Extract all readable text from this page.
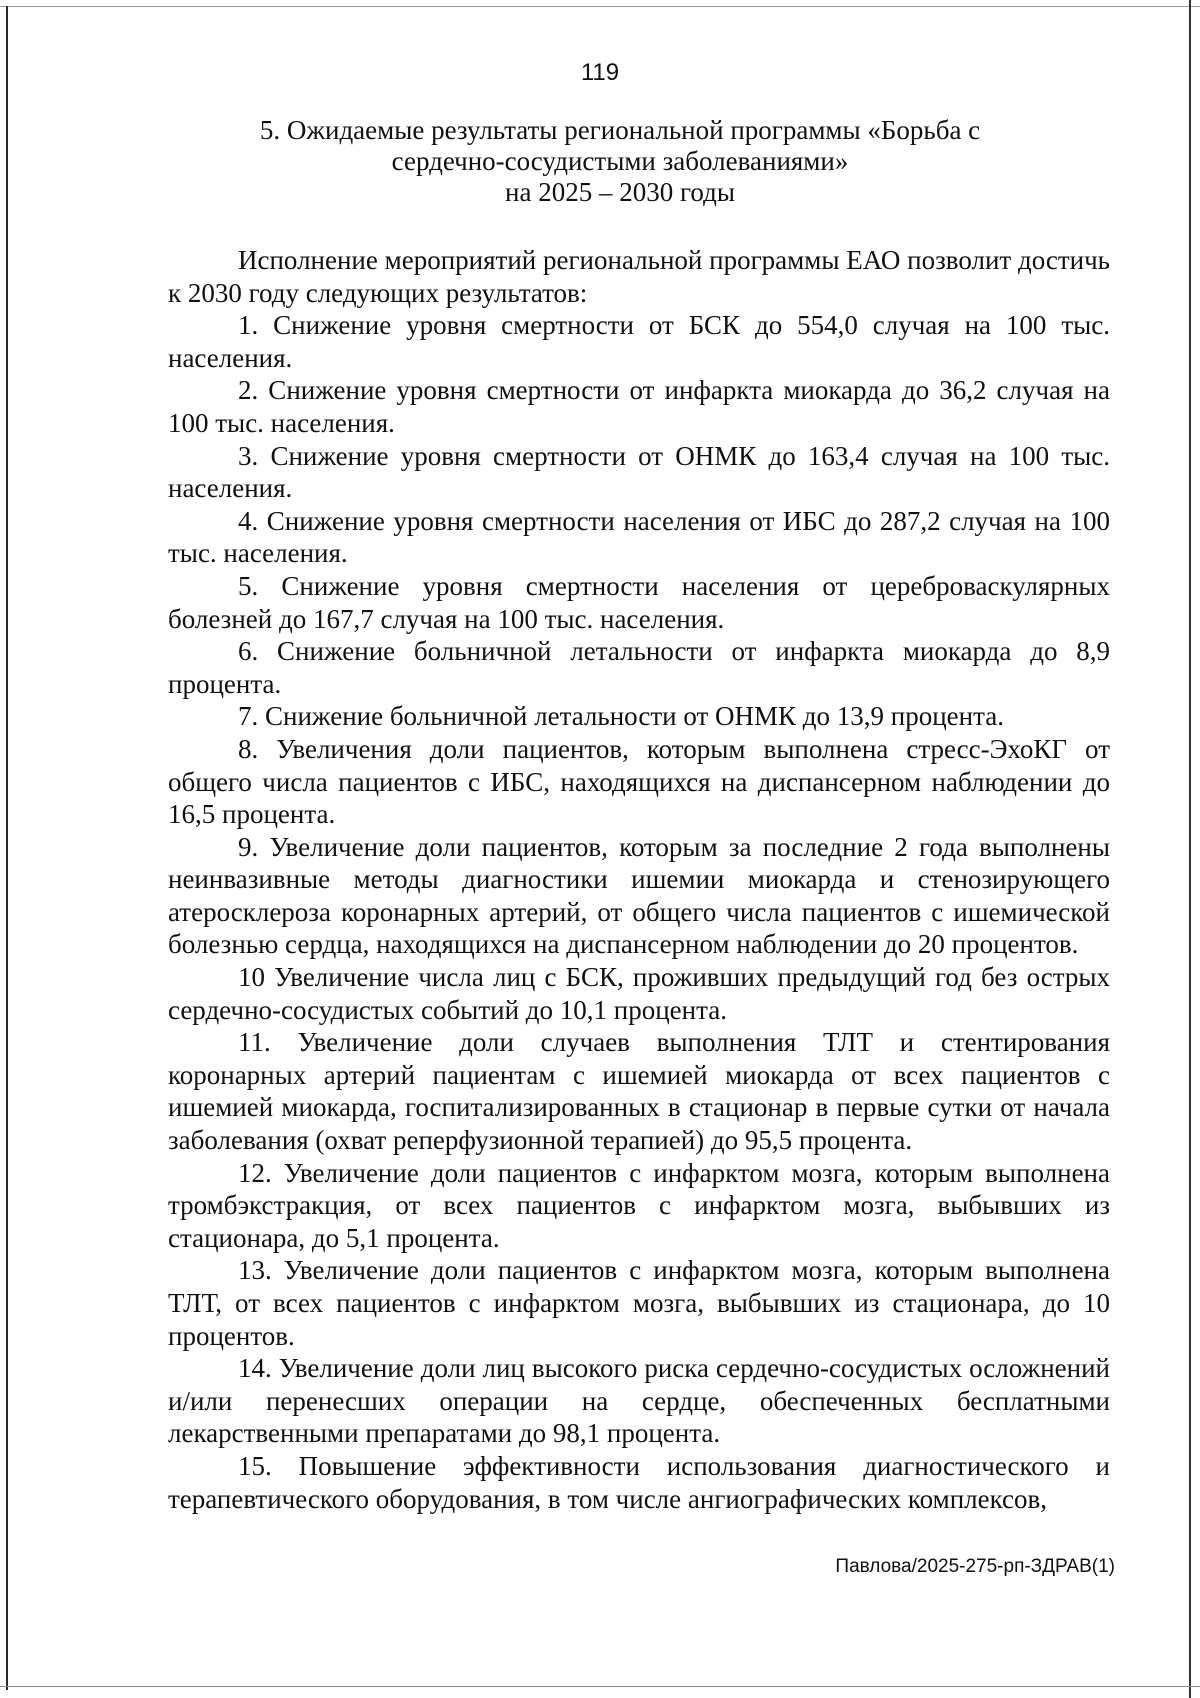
119
5. Ожидаемые результаты региональной программы «Борьба с
сердечно-сосудистыми заболеваниями»
на 2025 – 2030 годы

Исполнение мероприятий региональной программы ЕАО позволит достичь к 2030 году следующих результатов:

1. Снижение уровня смертности от БСК до 554,0 случая на 100 тыс. населения.

2. Снижение уровня смертности от инфаркта миокарда до 36,2 случая на 100 тыс. населения.

3. Снижение уровня смертности от ОНМК до 163,4 случая на 100 тыс. населения.

4. Снижение уровня смертности населения от ИБС до 287,2 случая на 100 тыс. населения.

5. Снижение уровня смертности населения от цереброваскулярных болезней до 167,7 случая на 100 тыс. населения.

6. Снижение больничной летальности от инфаркта миокарда до 8,9 процента.

7. Снижение больничной летальности от ОНМК до 13,9 процента.

8. Увеличения доли пациентов, которым выполнена стресс-ЭхоКГ от общего числа пациентов с ИБС, находящихся на диспансерном наблюдении до 16,5 процента.

9. Увеличение доли пациентов, которым за последние 2 года выполнены неинвазивные методы диагностики ишемии миокарда и стенозирующего атеросклероза коронарных артерий, от общего числа пациентов с ишемической болезнью сердца, находящихся на диспансерном наблюдении до 20 процентов.

10 Увеличение числа лиц с БСК, проживших предыдущий год без острых сердечно-сосудистых событий до 10,1 процента.

11. Увеличение доли случаев выполнения ТЛТ и стентирования коронарных артерий пациентам с ишемией миокарда от всех пациентов с ишемией миокарда, госпитализированных в стационар в первые сутки от начала заболевания (охват реперфузионной терапией) до 95,5 процента.

12. Увеличение доли пациентов с инфарктом мозга, которым выполнена тромбэкстракция, от всех пациентов с инфарктом мозга, выбывших из стационара, до 5,1 процента.

13. Увеличение доли пациентов с инфарктом мозга, которым выполнена ТЛТ, от всех пациентов с инфарктом мозга, выбывших из стационара, до 10 процентов.

14. Увеличение доли лиц высокого риска сердечно-сосудистых осложнений и/или перенесших операции на сердце, обеспеченных бесплатными лекарственными препаратами до 98,1 процента.

15. Повышение эффективности использования диагностического и терапевтического оборудования, в том числе ангиографических комплексов,

Павлова/2025-275-рп-ЗДРАВ(1)
